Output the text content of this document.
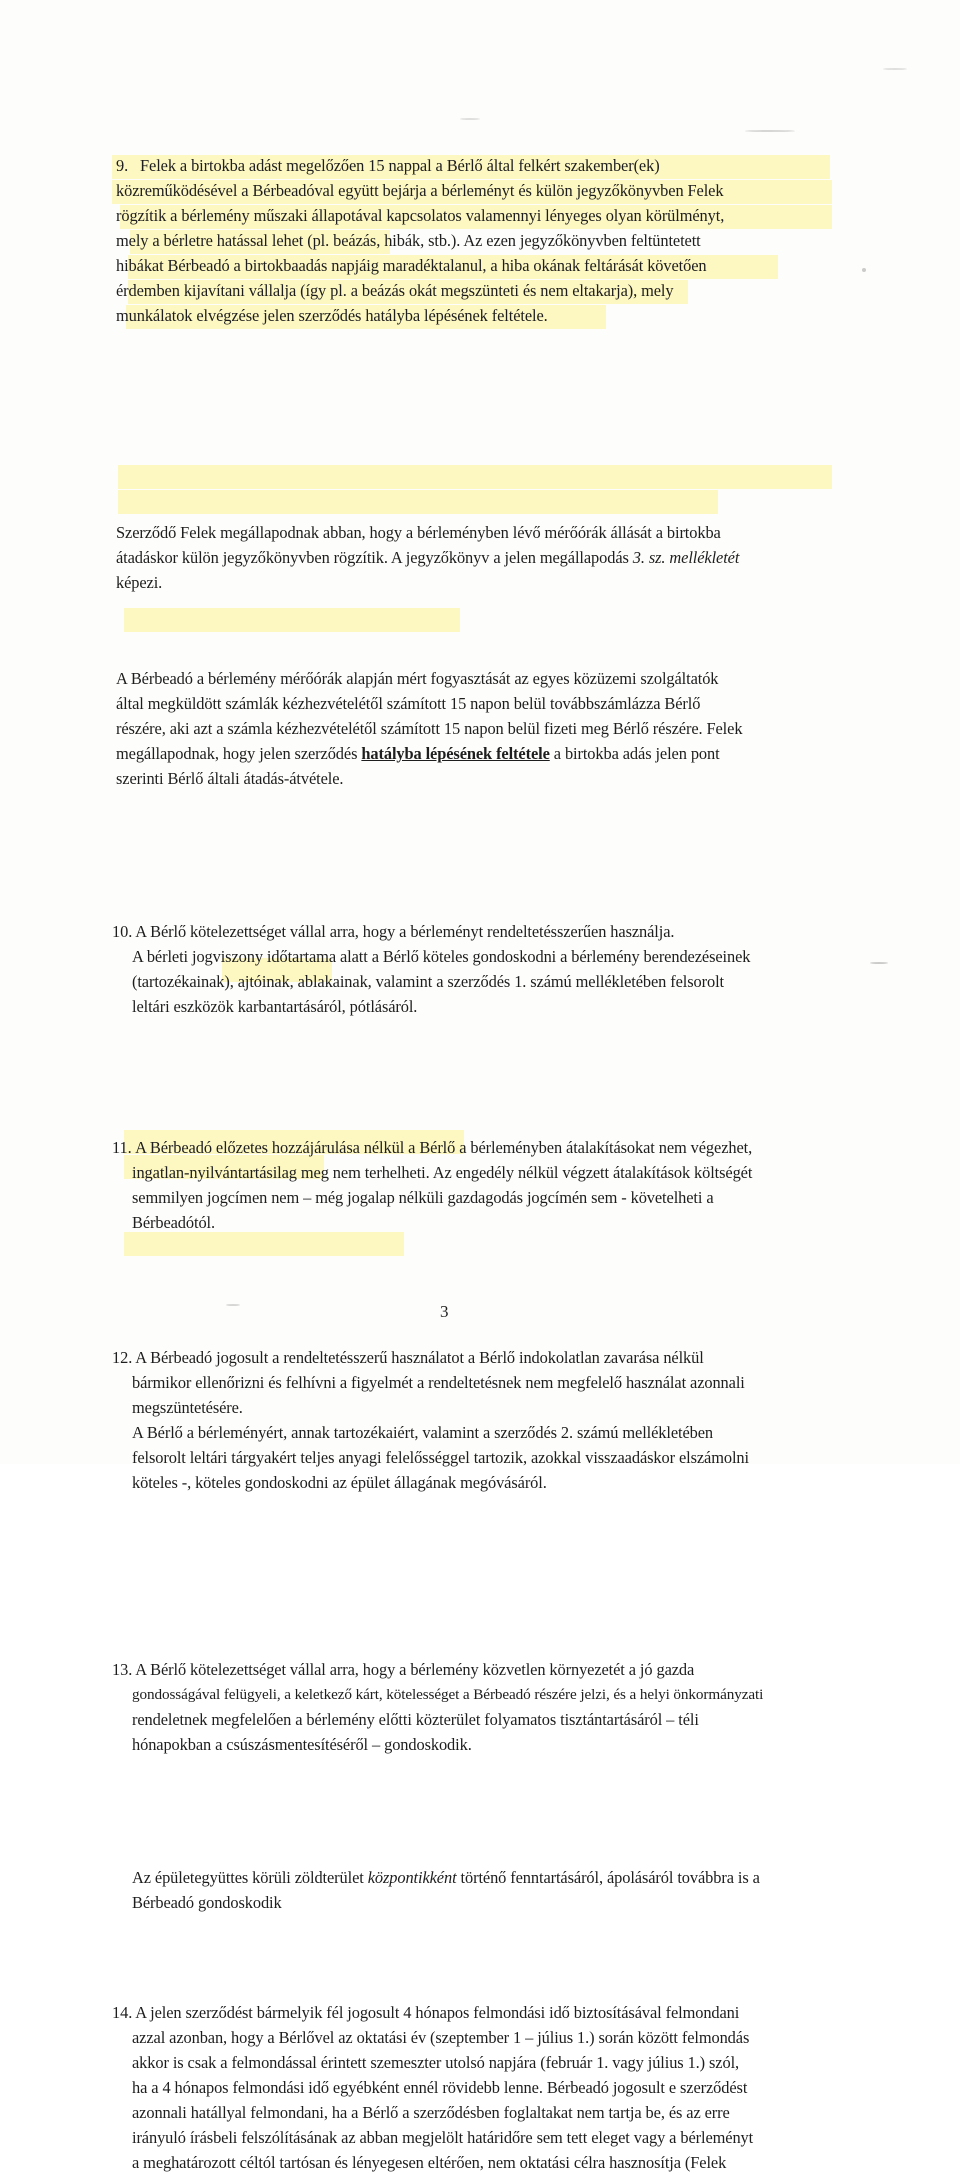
9. Felek a birtokba adást megelőzően 15 nappal a Bérlő által felkért szakember(ek)
közreműködésével a Bérbeadóval együtt bejárja a bérleményt és külön jegyzőkönyvben Felek
rögzítik a bérlemény műszaki állapotával kapcsolatos valamennyi lényeges olyan körülményt,
mely a bérletre hatással lehet (pl. beázás, hibák, stb.). Az ezen jegyzőkönyvben feltüntetett
hibákat Bérbeadó a birtokbaadás napjáig maradéktalanul, a hiba okának feltárását követően
érdemben kijavítani vállalja (így pl. a beázás okát megszünteti és nem eltakarja), mely
munkálatok elvégzése jelen szerződés hatályba lépésének feltétele.
Szerződő Felek megállapodnak abban, hogy a bérleményben lévő mérőórák állását a birtokba
átadáskor külön jegyzőkönyvben rögzítik. A jegyzőkönyv a jelen megállapodás 3. sz. mellékletét
képezi.
A Bérbeadó a bérlemény mérőórák alapján mért fogyasztását az egyes közüzemi szolgáltatók
által megküldött számlák kézhezvételétől számított 15 napon belül továbbszámlázza Bérlő
részére, aki azt a számla kézhezvételétől számított 15 napon belül fizeti meg Bérlő részére. Felek
megállapodnak, hogy jelen szerződés hatályba lépésének feltétele a birtokba adás jelen pont
szerinti Bérlő általi átadás-átvétele.
10. A Bérlő kötelezettséget vállal arra, hogy a bérleményt rendeltetésszerűen használja.
A bérleti jogviszony időtartama alatt a Bérlő köteles gondoskodni a bérlemény berendezéseinek
(tartozékainak), ajtóinak, ablakainak, valamint a szerződés 1. számú mellékletében felsorolt
leltári eszközök karbantartásáról, pótlásáról.
11. A Bérbeadó előzetes hozzájárulása nélkül a Bérlő a bérleményben átalakításokat nem végezhet,
ingatlan-nyilvántartásilag meg nem terhelheti. Az engedély nélkül végzett átalakítások költségét
semmilyen jogcímen nem – még jogalap nélküli gazdagodás jogcímén sem - követelheti a
Bérbeadótól.
12. A Bérbeadó jogosult a rendeltetésszerű használatot a Bérlő indokolatlan zavarása nélkül
bármikor ellenőrizni és felhívni a figyelmét a rendeltetésnek nem megfelelő használat azonnali
megszüntetésére.
A Bérlő a bérleményért, annak tartozékaiért, valamint a szerződés 2. számú mellékletében
felsorolt leltári tárgyakért teljes anyagi felelősséggel tartozik, azokkal visszaadáskor elszámolni
köteles -, köteles gondoskodni az épület állagának megóvásáról.
13. A Bérlő kötelezettséget vállal arra, hogy a bérlemény közvetlen környezetét a jó gazda
gondosságával felügyeli, a keletkező kárt, kötelességet a Bérbeadó részére jelzi, és a helyi önkormányzati
rendeletnek megfelelően a bérlemény előtti közterület folyamatos tisztántartásáról – téli
hónapokban a csúszásmentesítéséről – gondoskodik.
Az épületegyüttes körüli zöldterület központikként történő fenntartásáról, ápolásáról továbbra is a
Bérbeadó gondoskodik
14. A jelen szerződést bármelyik fél jogosult 4 hónapos felmondási idő biztosításával felmondani
azzal azonban, hogy a Bérlővel az oktatási év (szeptember 1 – július 1.) során között felmondás
akkor is csak a felmondással érintett szemeszter utolsó napjára (február 1. vagy július 1.) szól,
ha a 4 hónapos felmondási idő egyébként ennél rövidebb lenne. Bérbeadó jogosult e szerződést
azonnali hatállyal felmondani, ha a Bérlő a szerződésben foglaltakat nem tartja be, és az erre
irányuló írásbeli felszólításának az abban megjelölt határidőre sem tett eleget vagy a bérleményt
a meghatározott céltól tartósan és lényegesen eltérően, nem oktatási célra hasznosítja (Felek
3
